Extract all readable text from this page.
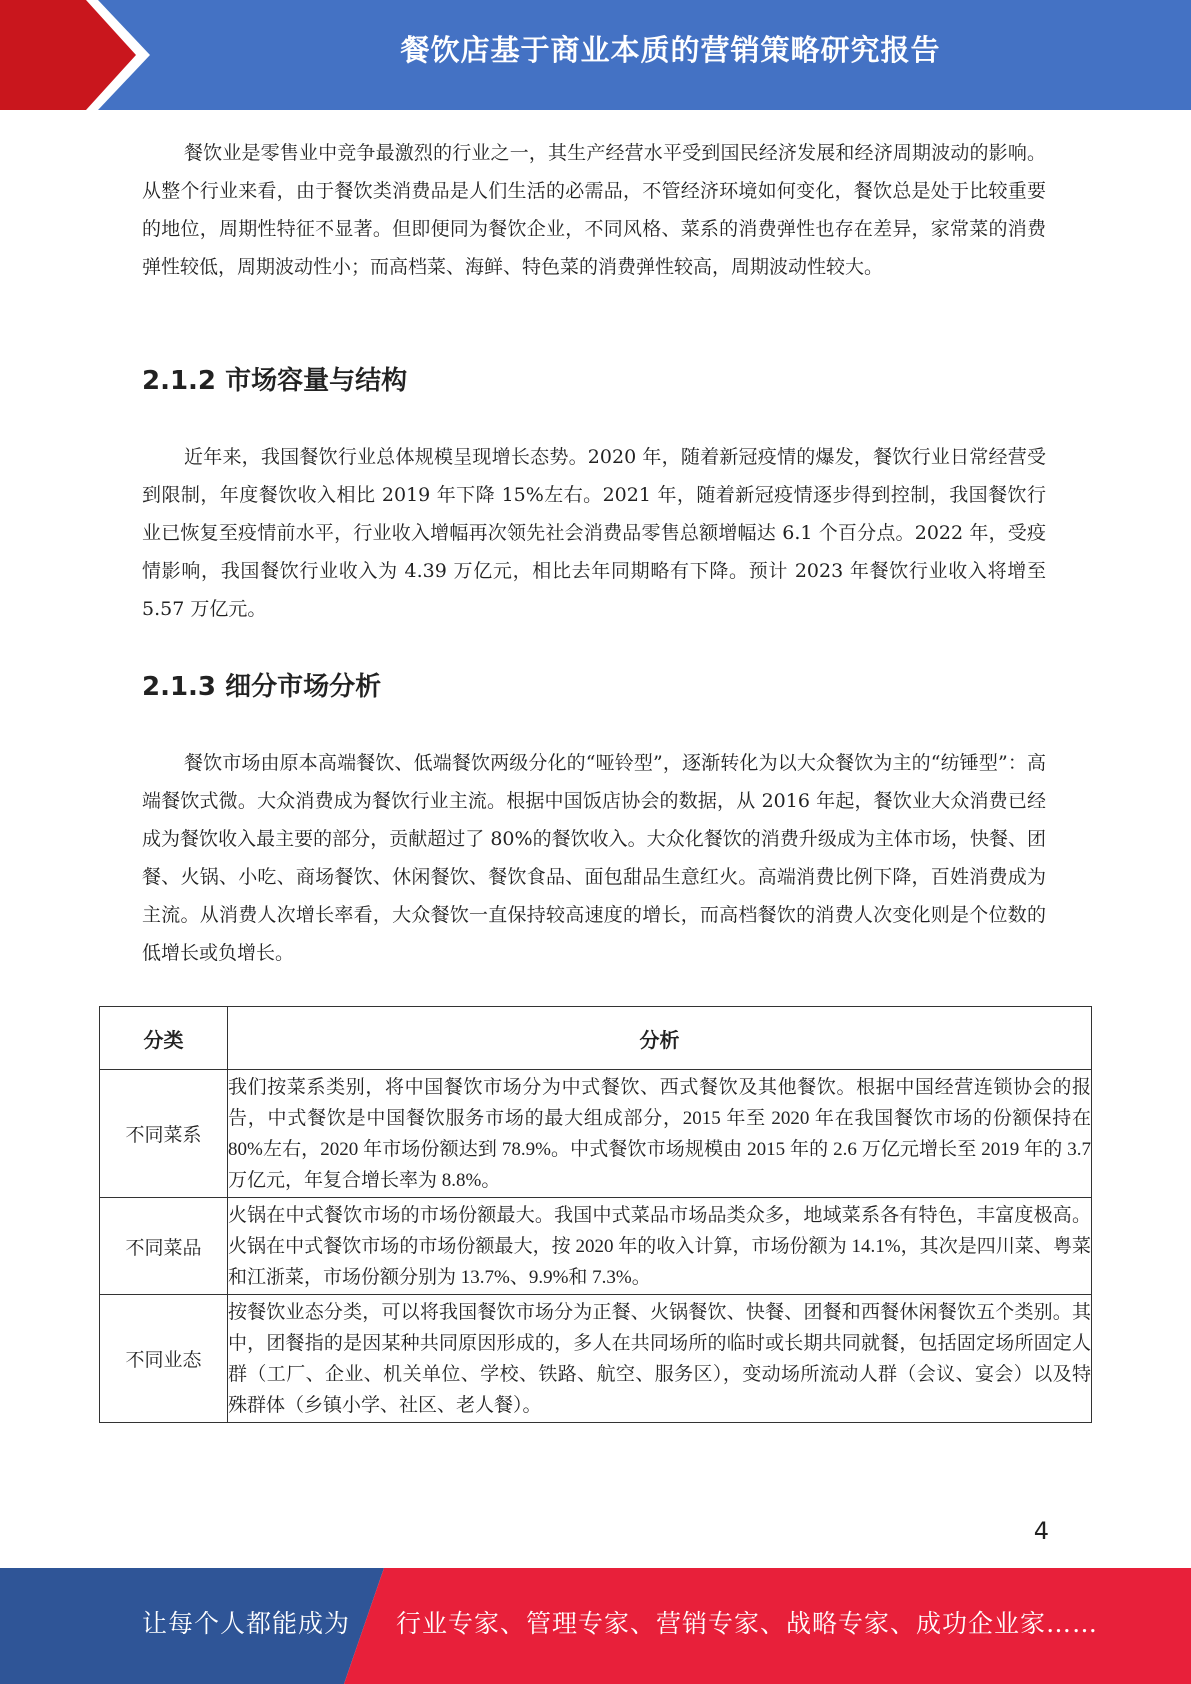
餐饮店基于商业本质的营销策略研究报告

餐饮业是零售业中竞争最激烈的行业之一，其生产经营水平受到国民经济发展和经济周期波动的影响。从整个行业来看，由于餐饮类消费品是人们生活的必需品，不管经济环境如何变化，餐饮总是处于比较重要的地位，周期性特征不显著。但即便同为餐饮企业，不同风格、菜系的消费弹性也存在差异，家常菜的消费弹性较低，周期波动性小；而高档菜、海鲜、特色菜的消费弹性较高，周期波动性较大。

2.1.2 市场容量与结构

近年来，我国餐饮行业总体规模呈现增长态势。2020 年，随着新冠疫情的爆发，餐饮行业日常经营受到限制，年度餐饮收入相比 2019 年下降 15%左右。2021 年，随着新冠疫情逐步得到控制，我国餐饮行业已恢复至疫情前水平，行业收入增幅再次领先社会消费品零售总额增幅达 6.1 个百分点。2022 年，受疫情影响，我国餐饮行业收入为 4.39 万亿元，相比去年同期略有下降。预计 2023 年餐饮行业收入将增至 5.57 万亿元。

2.1.3 细分市场分析

餐饮市场由原本高端餐饮、低端餐饮两级分化的“哑铃型”，逐渐转化为以大众餐饮为主的“纺锤型”：高端餐饮式微。大众消费成为餐饮行业主流。根据中国饭店协会的数据，从 2016 年起，餐饮业大众消费已经成为餐饮收入最主要的部分，贡献超过了 80%的餐饮收入。大众化餐饮的消费升级成为主体市场，快餐、团餐、火锅、小吃、商场餐饮、休闲餐饮、餐饮食品、面包甜品生意红火。高端消费比例下降，百姓消费成为主流。从消费人次增长率看，大众餐饮一直保持较高速度的增长，而高档餐饮的消费人次变化则是个位数的低增长或负增长。

分类	分析
不同菜系	我们按菜系类别，将中国餐饮市场分为中式餐饮、西式餐饮及其他餐饮。根据中国经营连锁协会的报告，中式餐饮是中国餐饮服务市场的最大组成部分，2015 年至 2020 年在我国餐饮市场的份额保持在 80%左右，2020 年市场份额达到 78.9%。中式餐饮市场规模由 2015 年的 2.6 万亿元增长至 2019 年的 3.7 万亿元，年复合增长率为 8.8%。
不同菜品	火锅在中式餐饮市场的市场份额最大。我国中式菜品市场品类众多，地域菜系各有特色，丰富度极高。火锅在中式餐饮市场的市场份额最大，按 2020 年的收入计算，市场份额为 14.1%，其次是四川菜、粤菜和江浙菜，市场份额分别为 13.7%、9.9%和 7.3%。
不同业态	按餐饮业态分类，可以将我国餐饮市场分为正餐、火锅餐饮、快餐、团餐和西餐休闲餐饮五个类别。其中，团餐指的是因某种共同原因形成的，多人在共同场所的临时或长期共同就餐，包括固定场所固定人群（工厂、企业、机关单位、学校、铁路、航空、服务区），变动场所流动人群（会议、宴会）以及特殊群体（乡镇小学、社区、老人餐）。
4
让每个人都能成为 行业专家、管理专家、营销专家、战略专家、成功企业家……
